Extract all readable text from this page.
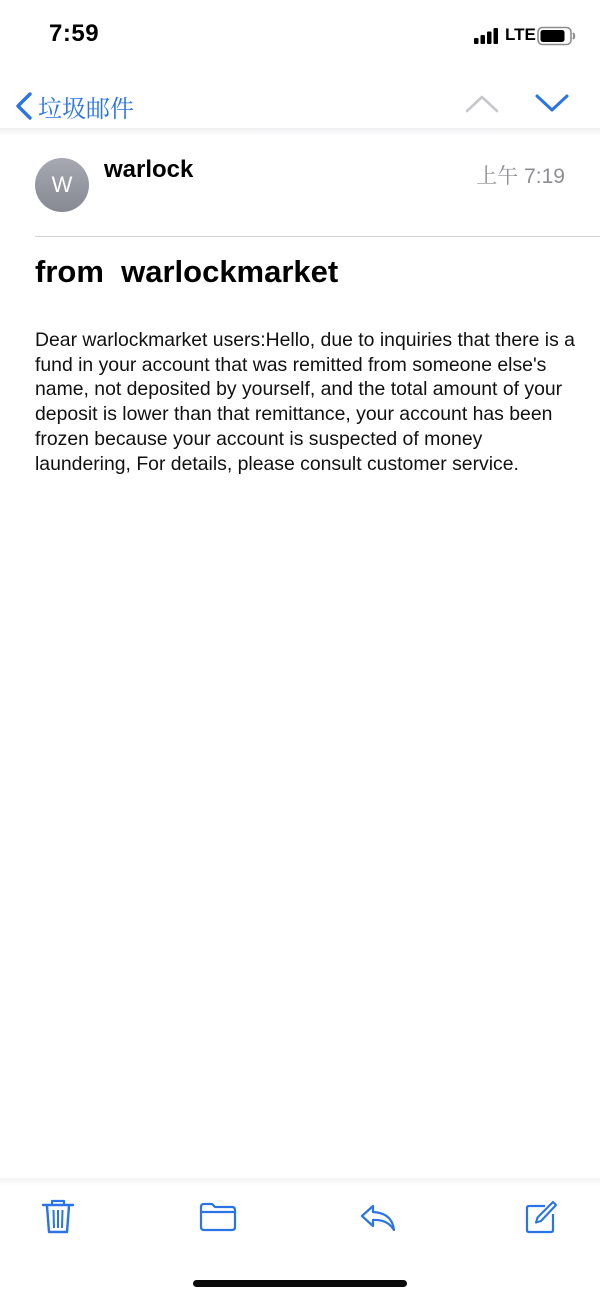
7:59	LTE
垃圾邮件
W
warlock	上午 7:19
from  warlockmarket
Dear warlockmarket users:Hello, due to inquiries that there is a fund in your account that was remitted from someone else's name, not deposited by yourself, and the total amount of your deposit is lower than that remittance, your account has been frozen because your account is suspected of money laundering, For details, please consult customer service.
